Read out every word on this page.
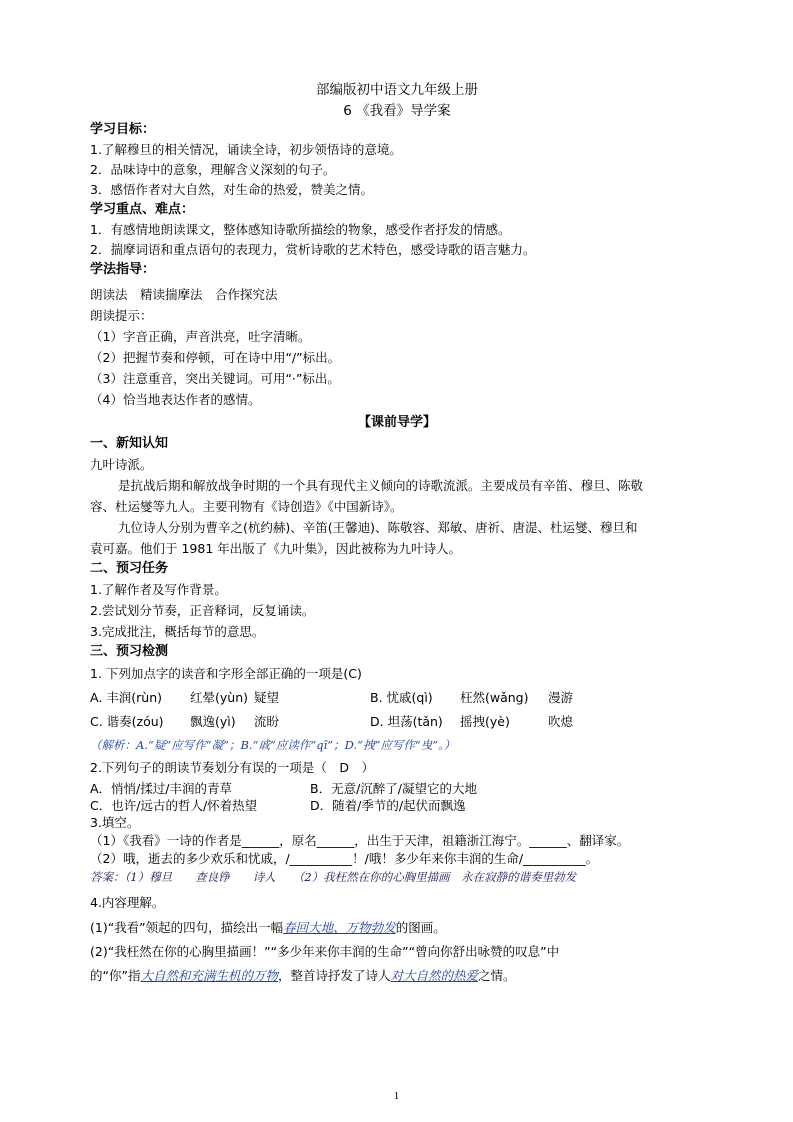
部编版初中语文九年级上册
6 《我看》导学案

学习目标：

1.了解穆旦的相关情况，诵读全诗，初步领悟诗的意境。

2．品味诗中的意象，理解含义深刻的句子。

3．感悟作者对大自然，对生命的热爱，赞美之情。

学习重点、难点：

1．有感情地朗读课文，整体感知诗歌所描绘的物象，感受作者抒发的情感。

2．揣摩词语和重点语句的表现力，赏析诗歌的艺术特色，感受诗歌的语言魅力。

学法指导：

朗读法　精读揣摩法　合作探究法

朗读提示：

（1）字音正确，声音洪亮，吐字清晰。

（2）把握节奏和停顿，可在诗中用“/”标出。

（3）注意重音，突出关键词。可用“·”标出。

（4）恰当地表达作者的感情。

【课前导学】

一、新知认知

九叶诗派。

是抗战后期和解放战争时期的一个具有现代主义倾向的诗歌流派。主要成员有辛笛、穆旦、陈敬

容、杜运燮等九人。主要刊物有《诗创造》《中国新诗》。

九位诗人分别为曹辛之(杭约赫)、辛笛(王馨迪)、陈敬容、郑敏、唐祈、唐湜、杜运燮、穆旦和

袁可嘉。他们于 1981 年出版了《九叶集》，因此被称为九叶诗人。

二、预习任务

1.了解作者及写作背景。

2.尝试划分节奏，正音释词，反复诵读。

3.完成批注，概括每节的意思。

三、预习检测

1. 下列加点字的读音和字形全部正确的一项是(C)

A. 丰润(rùn)	红晕(yùn) 疑望	B. 忧戚(qì)	枉然(wǎng)	漫游
C. 谐奏(zóu)	飘逸(yì)	流盼	D. 坦荡(tǎn)	摇拽(yè)	吹熄

（解析：A.“疑”应写作“凝”；B.“戚”应读作“qī”；D.“拽”应写作“曳”。）

2.下列句子的朗读节奏划分有误的一项是（　D　）

A．悄悄/揉过/丰润的青草	B．无意/沉醉了/凝望它的大地
C．也许/远古的哲人/怀着热望	D．随着/季节的/起伏而飘逸

3.填空。

（1）《我看》一诗的作者是______，原名______，出生于天津，祖籍浙江海宁。______、翻译家。

（2）哦，逝去的多少欢乐和忧戚，/__________！/哦！多少年来你丰润的生命/__________。

答案：（1）穆旦　　查良铮　　诗人　　（2）我枉然在你的心胸里描画　永在寂静的谐奏里勃发

4.内容理解。

(1)“我看”领起的四句，描绘出一幅春回大地、万物勃发的图画。

(2)“我枉然在你的心胸里描画！”“多少年来你丰润的生命”“曾向你舒出咏赞的叹息”中

的“你”指大自然和充满生机的万物，整首诗抒发了诗人对大自然的热爱之情。

1
